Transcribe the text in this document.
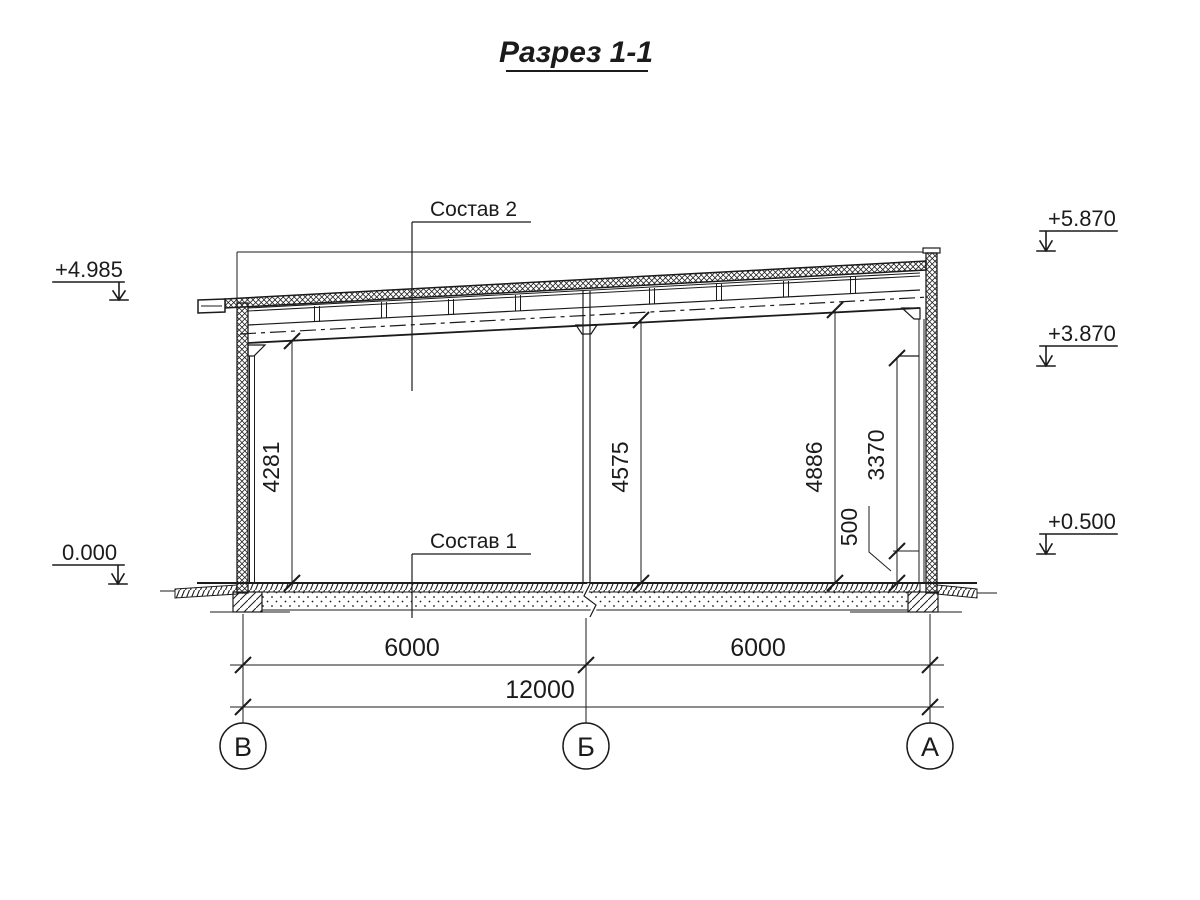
Разрез 1-1
Состав 2
Состав 1
+4.985
0.000
+5.870
+3.870
+0.500
4281	4575	4886 3370
500
6000	6000
12000
В	Б	А
